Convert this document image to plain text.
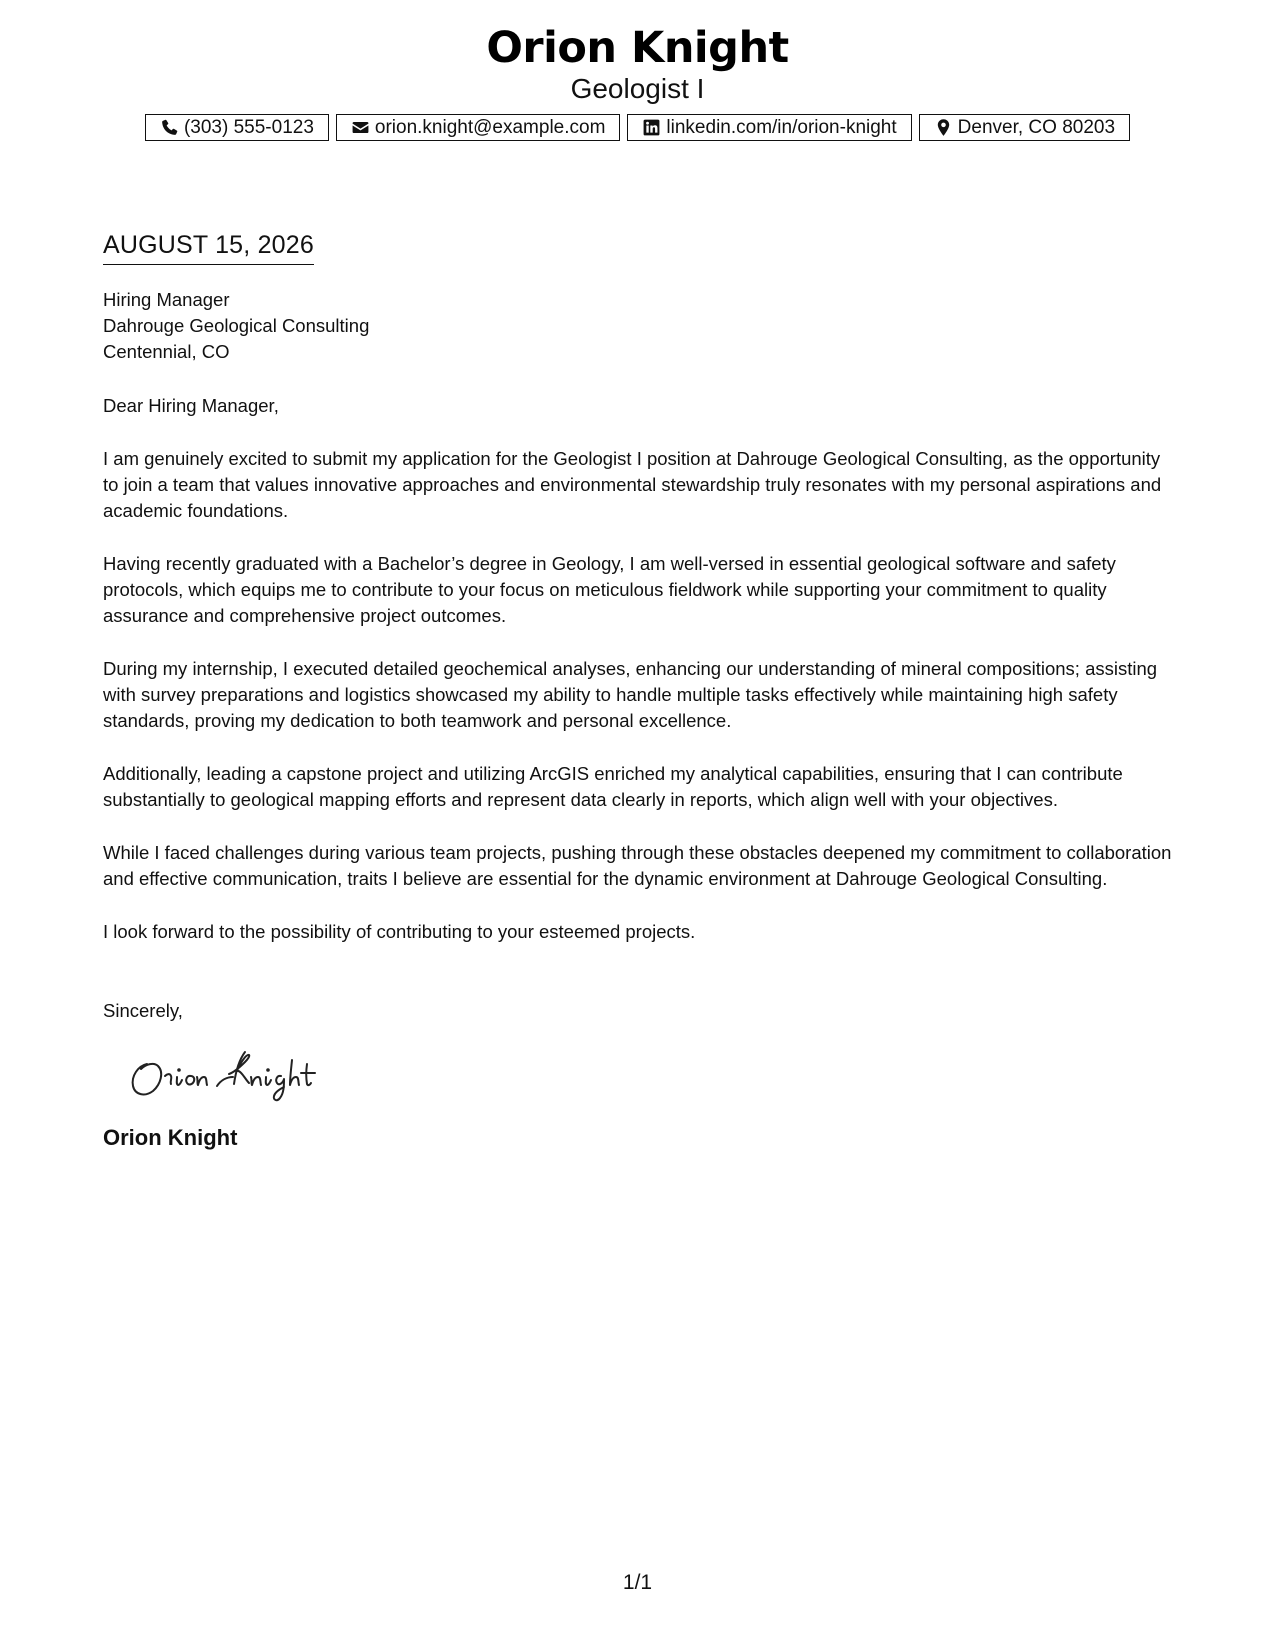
Orion Knight
Geologist I
(303) 555-0123	orion.knight@example.com	linkedin.com/in/orion-knight	Denver, CO 80203
AUGUST 15, 2026
Hiring Manager
Dahrouge Geological Consulting
Centennial, CO
Dear Hiring Manager,
I am genuinely excited to submit my application for the Geologist I position at Dahrouge Geological Consulting, as the opportunity to join a team that values innovative approaches and environmental stewardship truly resonates with my personal aspirations and academic foundations.
Having recently graduated with a Bachelor’s degree in Geology, I am well-versed in essential geological software and safety protocols, which equips me to contribute to your focus on meticulous fieldwork while supporting your commitment to quality assurance and comprehensive project outcomes.
During my internship, I executed detailed geochemical analyses, enhancing our understanding of mineral compositions; assisting with survey preparations and logistics showcased my ability to handle multiple tasks effectively while maintaining high safety standards, proving my dedication to both teamwork and personal excellence.
Additionally, leading a capstone project and utilizing ArcGIS enriched my analytical capabilities, ensuring that I can contribute substantially to geological mapping efforts and represent data clearly in reports, which align well with your objectives.
While I faced challenges during various team projects, pushing through these obstacles deepened my commitment to collaboration and effective communication, traits I believe are essential for the dynamic environment at Dahrouge Geological Consulting.
I look forward to the possibility of contributing to your esteemed projects.
Sincerely,
Orion Knight
1/1
